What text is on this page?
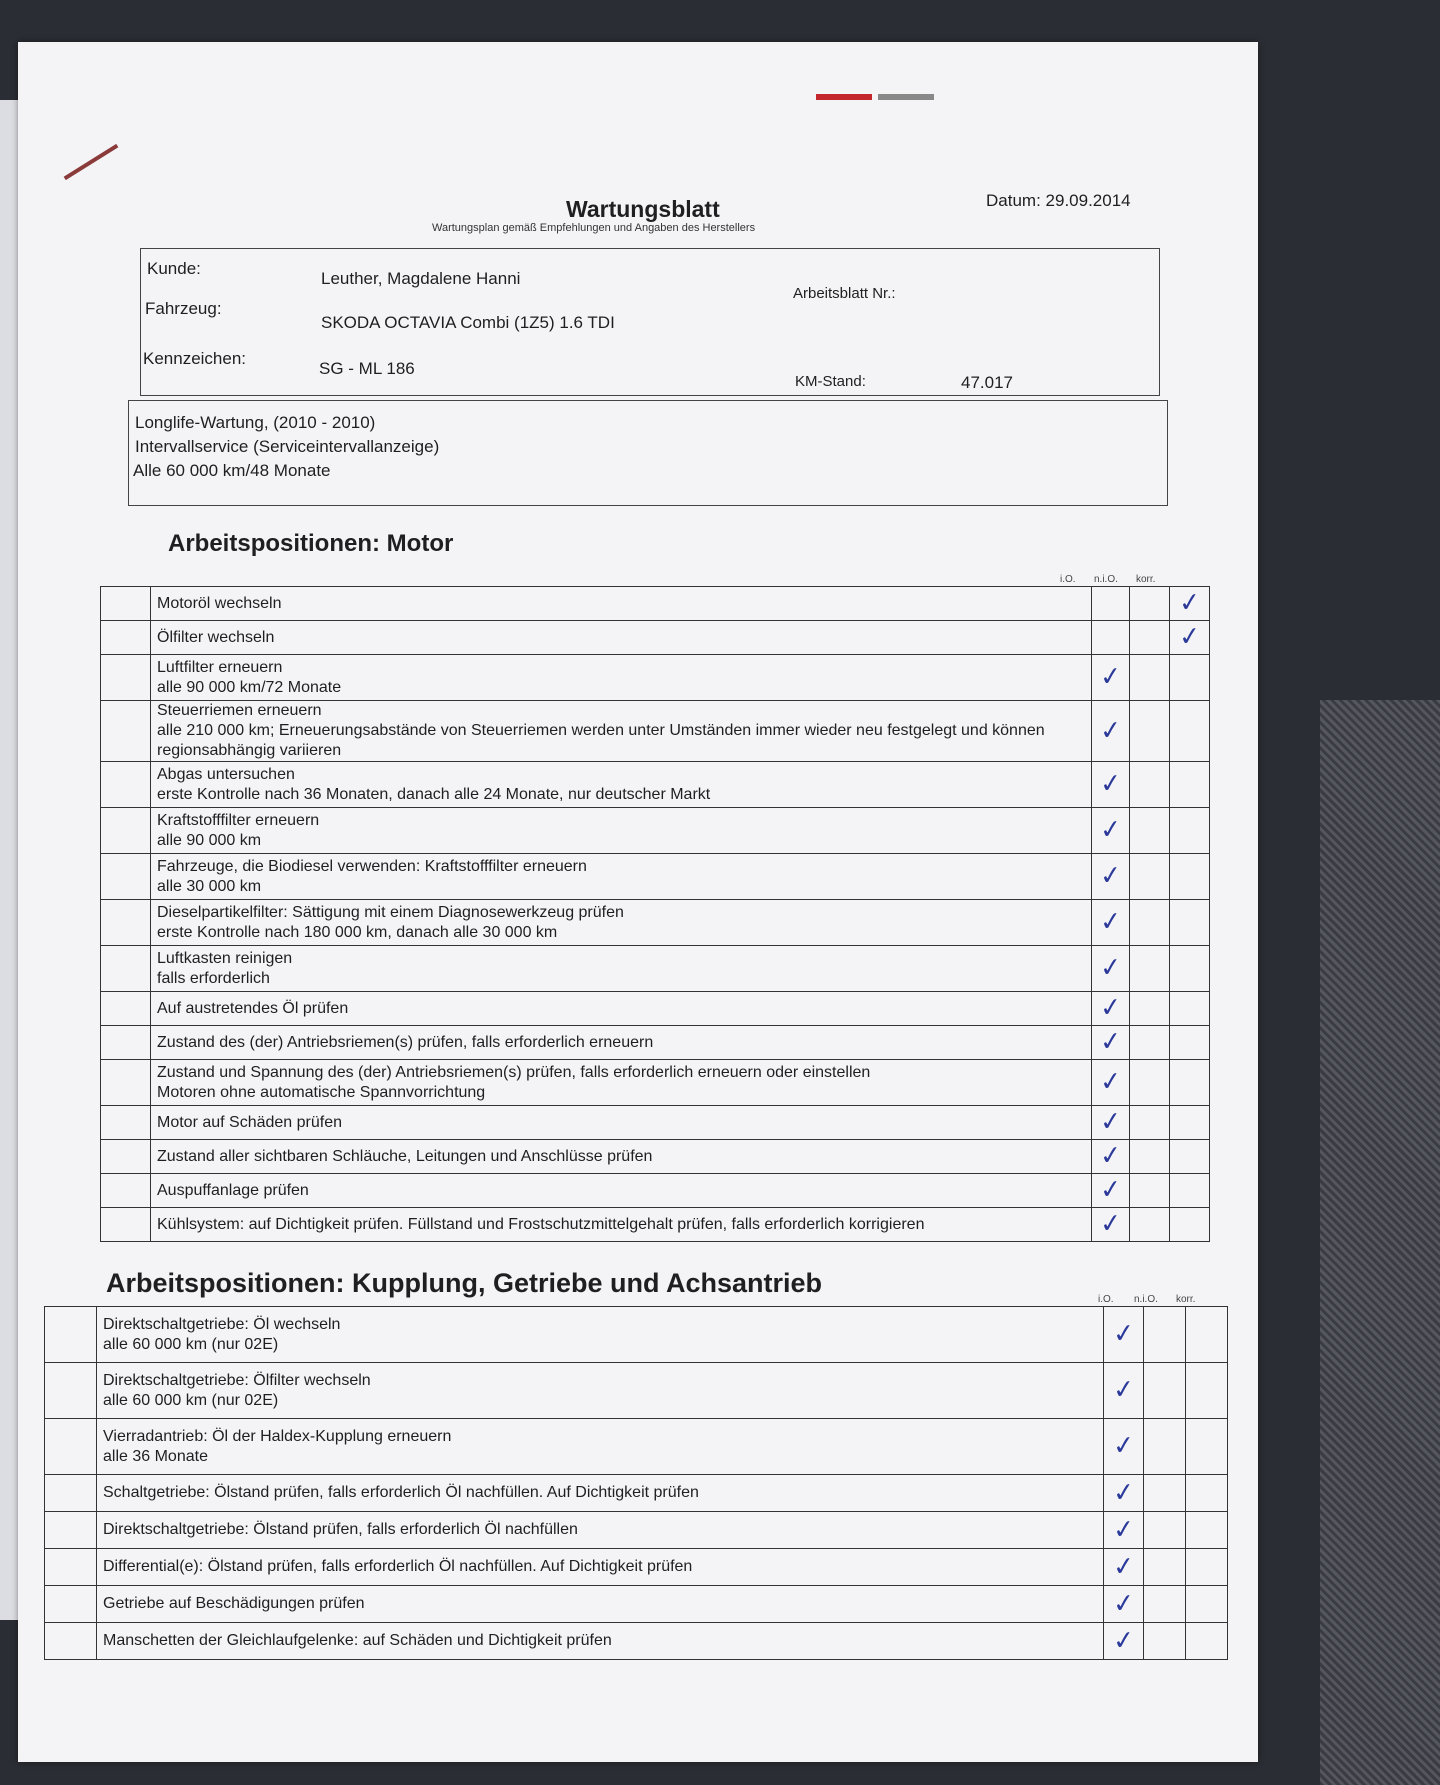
Wartungsblatt
Wartungsplan gemäß Empfehlungen und Angaben des Herstellers
Datum: 29.09.2014
Kunde:
Leuther, Magdalene Hanni
Fahrzeug:
SKODA OCTAVIA Combi (1Z5) 1.6 TDI
Kennzeichen:
SG - ML 186
Arbeitsblatt Nr.:
KM-Stand:	47.017
Longlife-Wartung, (2010 - 2010)
Intervallservice (Serviceintervallanzeige)
Alle 60 000 km/48 Monate
Arbeitspositionen: Motor
i.O. n.i.O. korr.

	Motoröl wechseln			✓

	Ölfilter wechseln			✓

	Luftfilter erneuern
alle 90 000 km/72 Monate	✓		

	Steuerriemen erneuern
alle 210 000 km; Erneuerungsabstände von Steuerriemen werden unter Umständen immer wieder neu festgelegt und können regionsabhängig variieren	✓		

	Abgas untersuchen
erste Kontrolle nach 36 Monaten, danach alle 24 Monate, nur deutscher Markt	✓		

	Kraftstofffilter erneuern
alle 90 000 km	✓		

	Fahrzeuge, die Biodiesel verwenden: Kraftstofffilter erneuern
alle 30 000 km	✓		

	Dieselpartikelfilter: Sättigung mit einem Diagnosewerkzeug prüfen
erste Kontrolle nach 180 000 km, danach alle 30 000 km	✓		

	Luftkasten reinigen
falls erforderlich	✓		

	Auf austretendes Öl prüfen	✓		

	Zustand des (der) Antriebsriemen(s) prüfen, falls erforderlich erneuern	✓		

	Zustand und Spannung des (der) Antriebsriemen(s) prüfen, falls erforderlich erneuern oder einstellen
Motoren ohne automatische Spannvorrichtung	✓		

	Motor auf Schäden prüfen	✓		

	Zustand aller sichtbaren Schläuche, Leitungen und Anschlüsse prüfen	✓		

	Auspuffanlage prüfen	✓		

	Kühlsystem: auf Dichtigkeit prüfen. Füllstand und Frostschutzmittelgehalt prüfen, falls erforderlich korrigieren	✓		
Arbeitspositionen: Kupplung, Getriebe und Achsantrieb
i.O. n.i.O. korr.

	Direktschaltgetriebe: Öl wechseln
alle 60 000 km (nur 02E)	✓		

	Direktschaltgetriebe: Ölfilter wechseln
alle 60 000 km (nur 02E)	✓		

	Vierradantrieb: Öl der Haldex-Kupplung erneuern
alle 36 Monate	✓		

	Schaltgetriebe: Ölstand prüfen, falls erforderlich Öl nachfüllen. Auf Dichtigkeit prüfen	✓		

	Direktschaltgetriebe: Ölstand prüfen, falls erforderlich Öl nachfüllen	✓		

	Differential(e): Ölstand prüfen, falls erforderlich Öl nachfüllen. Auf Dichtigkeit prüfen	✓		

	Getriebe auf Beschädigungen prüfen	✓		

	Manschetten der Gleichlaufgelenke: auf Schäden und Dichtigkeit prüfen	✓		
